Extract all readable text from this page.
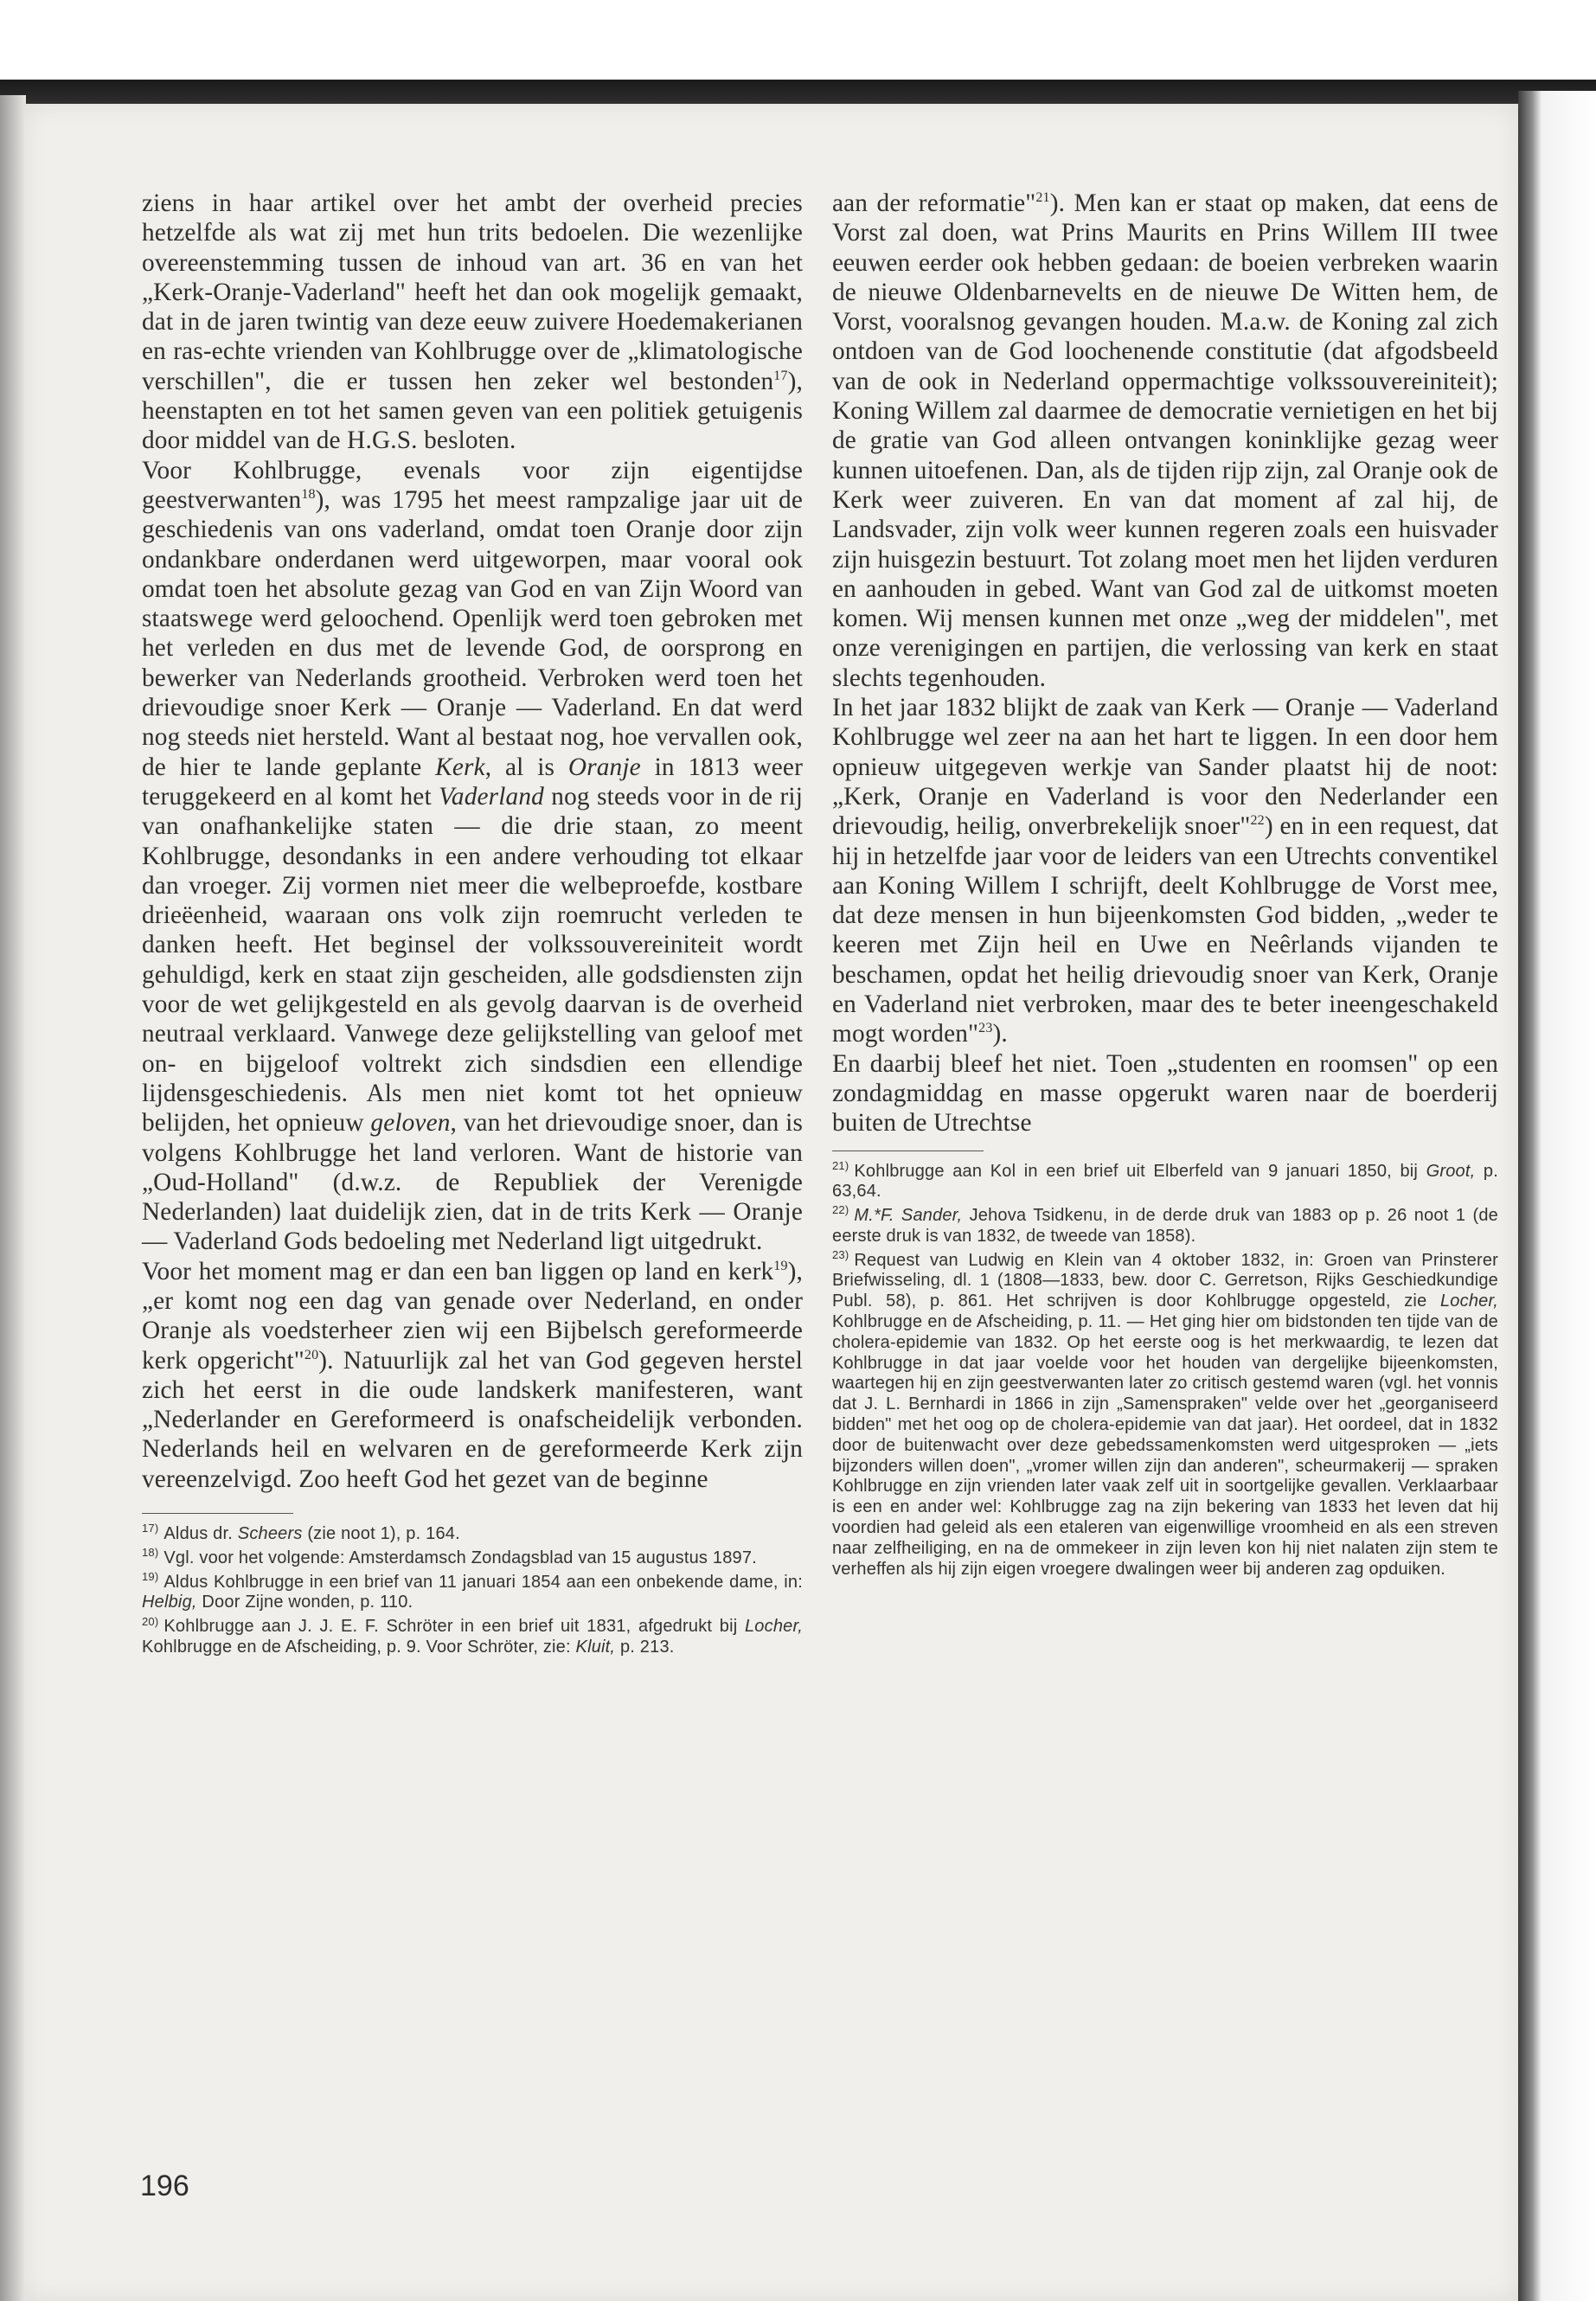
ziens in haar artikel over het ambt der overheid precies hetzelfde als wat zij met hun trits bedoelen. Die wezenlijke overeenstemming tussen de inhoud van art. 36 en van het „Kerk-Oranje-Vaderland" heeft het dan ook mogelijk gemaakt, dat in de jaren twintig van deze eeuw zuivere Hoedemakerianen en ras-echte vrienden van Kohlbrugge over de „klimatologische verschillen", die er tussen hen zeker wel bestonden$^{17}$), heenstapten en tot het samen geven van een politiek getuigenis door middel van de H.G.S. besloten.

Voor Kohlbrugge, evenals voor zijn eigentijdse geestverwanten$^{18}$), was 1795 het meest rampzalige jaar uit de geschiedenis van ons vaderland, omdat toen Oranje door zijn ondankbare onderdanen werd uitgeworpen, maar vooral ook omdat toen het absolute gezag van God en van Zijn Woord van staatswege werd geloochend. Openlijk werd toen gebroken met het verleden en dus met de levende God, de oorsprong en bewerker van Nederlands grootheid. Verbroken werd toen het drievoudige snoer Kerk — Oranje — Vaderland. En dat werd nog steeds niet hersteld. Want al bestaat nog, hoe vervallen ook, de hier te lande geplante Kerk, al is Oranje in 1813 weer teruggekeerd en al komt het Vaderland nog steeds voor in de rij van onafhankelijke staten — die drie staan, zo meent Kohlbrugge, desondanks in een andere verhouding tot elkaar dan vroeger. Zij vormen niet meer die welbeproefde, kostbare drieëenheid, waaraan ons volk zijn roemrucht verleden te danken heeft. Het beginsel der volkssouvereiniteit wordt gehuldigd, kerk en staat zijn gescheiden, alle godsdiensten zijn voor de wet gelijkgesteld en als gevolg daarvan is de overheid neutraal verklaard. Vanwege deze gelijkstelling van geloof met on- en bijgeloof voltrekt zich sindsdien een ellendige lijdensgeschiedenis. Als men niet komt tot het opnieuw belijden, het opnieuw geloven, van het drievoudige snoer, dan is volgens Kohlbrugge het land verloren. Want de historie van „Oud-Holland" (d.w.z. de Republiek der Verenigde Nederlanden) laat duidelijk zien, dat in de trits Kerk — Oranje — Vaderland Gods bedoeling met Nederland ligt uitgedrukt.

Voor het moment mag er dan een ban liggen op land en kerk$^{19}$), „er komt nog een dag van genade over Nederland, en onder Oranje als voedsterheer zien wij een Bijbelsch gereformeerde kerk opgericht"$^{20}$). Natuurlijk zal het van God gegeven herstel zich het eerst in die oude landskerk manifesteren, want „Nederlander en Gereformeerd is onafscheidelijk verbonden. Nederlands heil en welvaren en de gereformeerde Kerk zijn vereenzelvigd. Zoo heeft God het gezet van de beginne

$^{17)}$ Aldus dr. Scheers (zie noot 1), p. 164.

$^{18)}$ Vgl. voor het volgende: Amsterdamsch Zondagsblad van 15 augustus 1897.

$^{19)}$ Aldus Kohlbrugge in een brief van 11 januari 1854 aan een onbekende dame, in: Helbig, Door Zijne wonden, p. 110.

$^{20)}$ Kohlbrugge aan J. J. E. F. Schröter in een brief uit 1831, afgedrukt bij Locher, Kohlbrugge en de Afscheiding, p. 9. Voor Schröter, zie: Kluit, p. 213.

aan der reformatie"$^{21}$). Men kan er staat op maken, dat eens de Vorst zal doen, wat Prins Maurits en Prins Willem III twee eeuwen eerder ook hebben gedaan: de boeien verbreken waarin de nieuwe Oldenbarnevelts en de nieuwe De Witten hem, de Vorst, vooralsnog gevangen houden. M.a.w. de Koning zal zich ontdoen van de God loochenende constitutie (dat afgodsbeeld van de ook in Nederland oppermachtige volkssouvereiniteit); Koning Willem zal daarmee de democratie vernietigen en het bij de gratie van God alleen ontvangen koninklijke gezag weer kunnen uitoefenen. Dan, als de tijden rijp zijn, zal Oranje ook de Kerk weer zuiveren. En van dat moment af zal hij, de Landsvader, zijn volk weer kunnen regeren zoals een huisvader zijn huisgezin bestuurt. Tot zolang moet men het lijden verduren en aanhouden in gebed. Want van God zal de uitkomst moeten komen. Wij mensen kunnen met onze „weg der middelen", met onze verenigingen en partijen, die verlossing van kerk en staat slechts tegenhouden.

In het jaar 1832 blijkt de zaak van Kerk — Oranje — Vaderland Kohlbrugge wel zeer na aan het hart te liggen. In een door hem opnieuw uitgegeven werkje van Sander plaatst hij de noot: „Kerk, Oranje en Vaderland is voor den Nederlander een drievoudig, heilig, onverbrekelijk snoer"$^{22}$) en in een request, dat hij in hetzelfde jaar voor de leiders van een Utrechts conventikel aan Koning Willem I schrijft, deelt Kohlbrugge de Vorst mee, dat deze mensen in hun bijeenkomsten God bidden, „weder te keeren met Zijn heil en Uwe en Neêrlands vijanden te beschamen, opdat het heilig drievoudig snoer van Kerk, Oranje en Vaderland niet verbroken, maar des te beter ineengeschakeld mogt worden"$^{23}$).

En daarbij bleef het niet. Toen „studenten en roomsen" op een zondagmiddag en masse opgerukt waren naar de boerderij buiten de Utrechtse

$^{21)}$ Kohlbrugge aan Kol in een brief uit Elberfeld van 9 januari 1850, bij Groot, p. 63,64.

$^{22)}$ M.*F. Sander, Jehova Tsidkenu, in de derde druk van 1883 op p. 26 noot 1 (de eerste druk is van 1832, de tweede van 1858).

$^{23)}$ Request van Ludwig en Klein van 4 oktober 1832, in: Groen van Prinsterer Briefwisseling, dl. 1 (1808—1833, bew. door C. Gerretson, Rijks Geschiedkundige Publ. 58), p. 861. Het schrijven is door Kohlbrugge opgesteld, zie Locher, Kohlbrugge en de Afscheiding, p. 11. — Het ging hier om bidstonden ten tijde van de cholera-epidemie van 1832. Op het eerste oog is het merkwaardig, te lezen dat Kohlbrugge in dat jaar voelde voor het houden van dergelijke bijeenkomsten, waartegen hij en zijn geestverwanten later zo critisch gestemd waren (vgl. het vonnis dat J. L. Bernhardi in 1866 in zijn „Samenspraken" velde over het „georganiseerd bidden" met het oog op de cholera-epidemie van dat jaar). Het oordeel, dat in 1832 door de buitenwacht over deze gebedssamenkomsten werd uitgesproken — „iets bijzonders willen doen", „vromer willen zijn dan anderen", scheurmakerij — spraken Kohlbrugge en zijn vrienden later vaak zelf uit in soortgelijke gevallen. Verklaarbaar is een en ander wel: Kohlbrugge zag na zijn bekering van 1833 het leven dat hij voordien had geleid als een etaleren van eigenwillige vroomheid en als een streven naar zelfheiliging, en na de ommekeer in zijn leven kon hij niet nalaten zijn stem te verheffen als hij zijn eigen vroegere dwalingen weer bij anderen zag opduiken.

196
